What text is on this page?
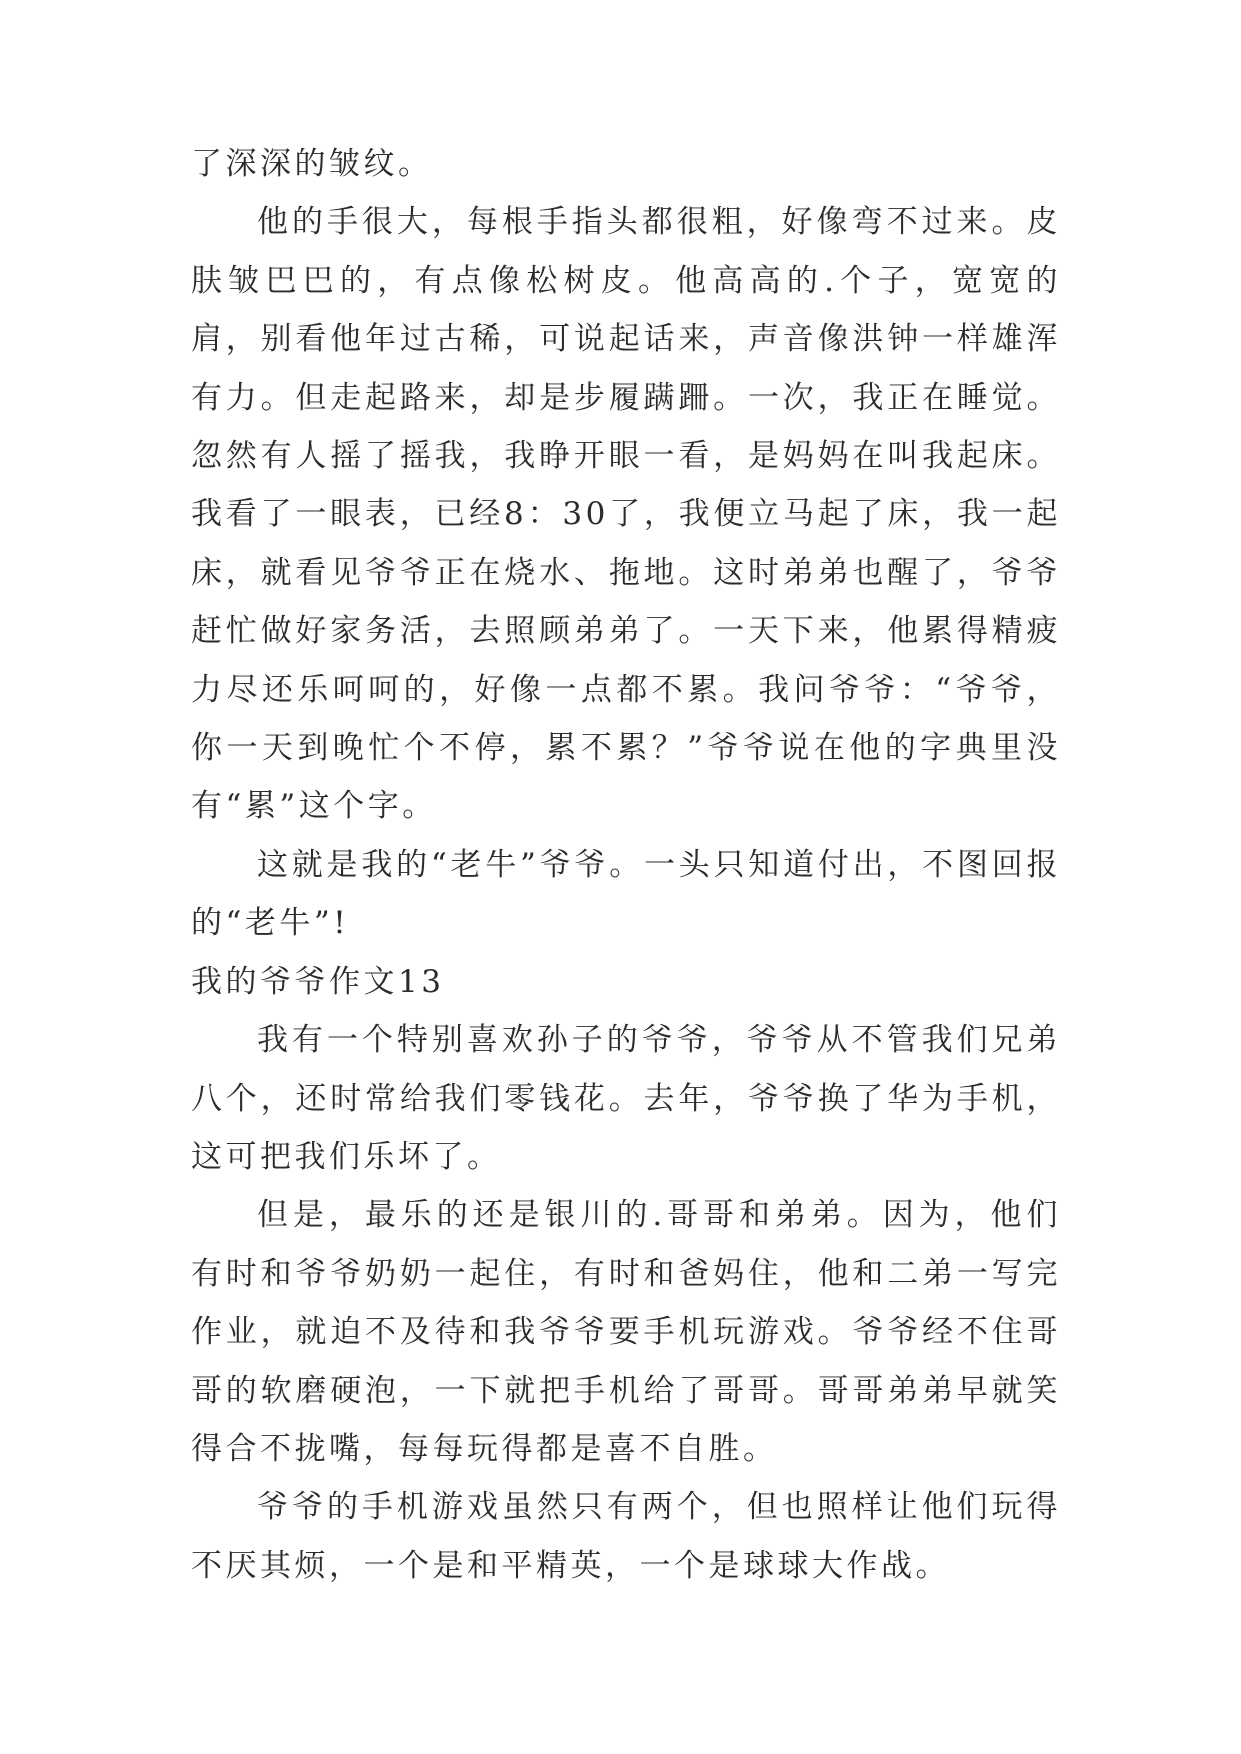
了深深的皱纹。

他的手很大，每根手指头都很粗，好像弯不过来。皮肤皱巴巴的，有点像松树皮。他高高的.个子，宽宽的肩，别看他年过古稀，可说起话来，声音像洪钟一样雄浑有力。但走起路来，却是步履蹒跚。一次，我正在睡觉。忽然有人摇了摇我，我睁开眼一看，是妈妈在叫我起床。我看了一眼表，已经8：30了，我便立马起了床，我一起床，就看见爷爷正在烧水、拖地。这时弟弟也醒了，爷爷赶忙做好家务活，去照顾弟弟了。一天下来，他累得精疲力尽还乐呵呵的，好像一点都不累。我问爷爷：“爷爷，你一天到晚忙个不停，累不累？”爷爷说在他的字典里没有“累”这个字。

这就是我的“老牛”爷爷。一头只知道付出，不图回报的“老牛”!

我的爷爷作文13

我有一个特别喜欢孙子的爷爷，爷爷从不管我们兄弟八个，还时常给我们零钱花。去年，爷爷换了华为手机，这可把我们乐坏了。

但是，最乐的还是银川的.哥哥和弟弟。因为，他们有时和爷爷奶奶一起住，有时和爸妈住，他和二弟一写完作业，就迫不及待和我爷爷要手机玩游戏。爷爷经不住哥哥的软磨硬泡，一下就把手机给了哥哥。哥哥弟弟早就笑得合不拢嘴，每每玩得都是喜不自胜。

爷爷的手机游戏虽然只有两个，但也照样让他们玩得不厌其烦，一个是和平精英，一个是球球大作战。
